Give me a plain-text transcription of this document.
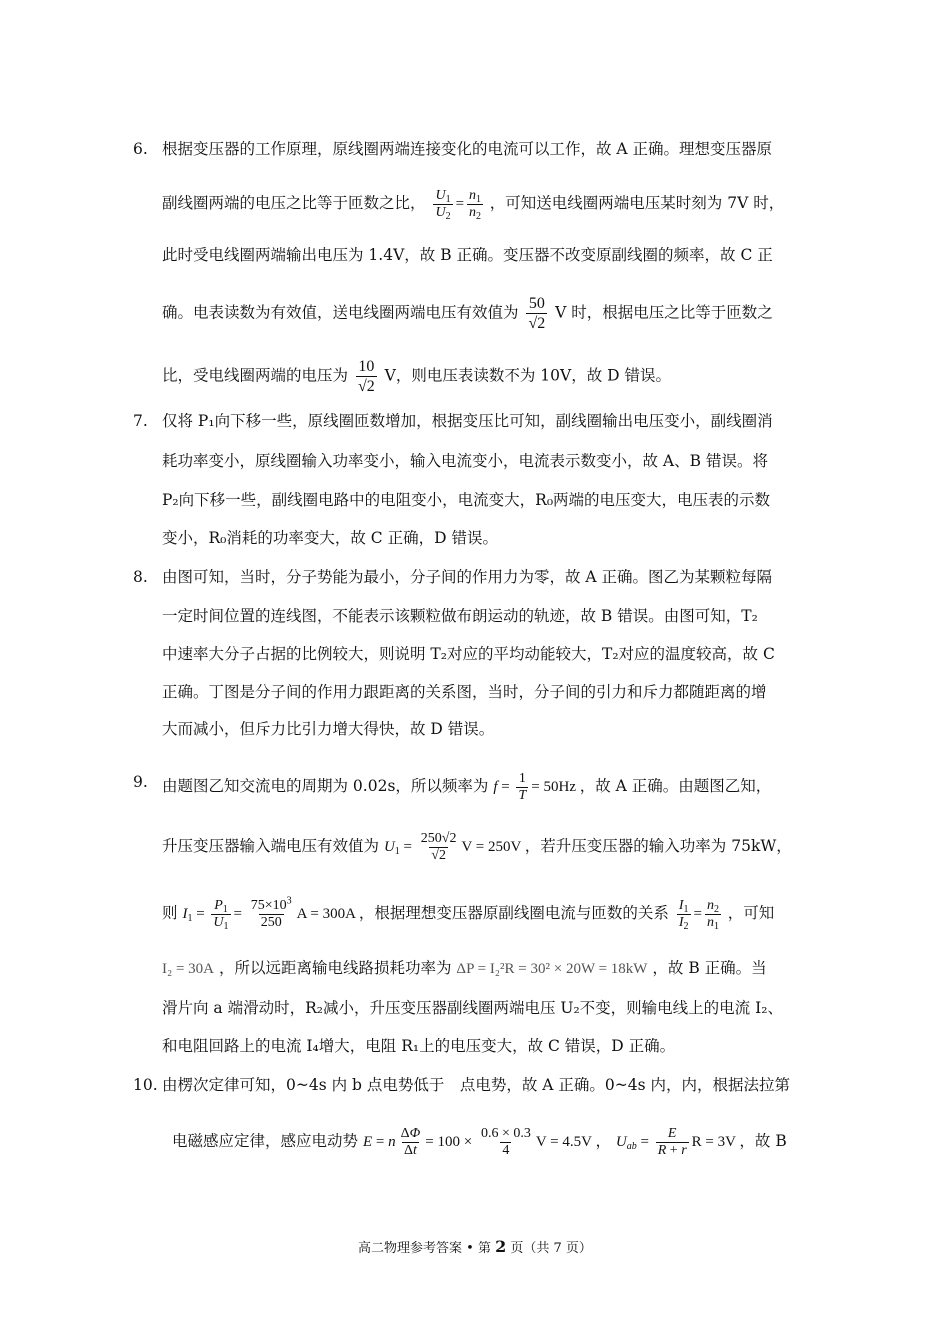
6. 根据变压器的工作原理，原线圈两端连接变化的电流可以工作，故 A 正确。理想变压器原
副线圈两端的电压之比等于匝数之比， $\frac{U_1}{U_2} = \frac{n_1}{n_2}$ ，可知送电线圈两端电压某时刻为 7V 时，
此时受电线圈两端输出电压为 1.4V，故 B 正确。变压器不改变原副线圈的频率，故 C 正
确。电表读数为有效值，送电线圈两端电压有效值为 $\frac{50}{√2}$ V 时，根据电压之比等于匝数之
比，受电线圈两端的电压为 $\frac{10}{√2}$ V，则电压表读数不为 10V，故 D 错误。
7. 仅将 P₁向下移一些，原线圈匝数增加，根据变压比可知，副线圈输出电压变小，副线圈消
耗功率变小，原线圈输入功率变小，输入电流变小，电流表示数变小，故 A、B 错误。将
P₂向下移一些，副线圈电路中的电阻变小，电流变大，R₀两端的电压变大，电压表的示数
变小，R₀消耗的功率变大，故 C 正确，D 错误。
8. 由图可知，当时，分子势能为最小，分子间的作用力为零，故 A 正确。图乙为某颗粒每隔
一定时间位置的连线图，不能表示该颗粒做布朗运动的轨迹，故 B 错误。由图可知，T₂
中速率大分子占据的比例较大，则说明 T₂对应的平均动能较大，T₂对应的温度较高，故 C
正确。丁图是分子间的作用力跟距离的关系图，当时，分子间的引力和斥力都随距离的增
大而减小，但斥力比引力增大得快，故 D 错误。
9. 由题图乙知交流电的周期为 0.02s，所以频率为 $f = \frac{1}{T} = 50Hz$ ，故 A 正确。由题图乙知，
升压变压器输入端电压有效值为 $U_1 = \frac{250√2}{√2}$ V = 250V ，若升压变压器的输入功率为 75kW，
则 $I_1 = \frac{P_1}{U_1} = \frac{75\times 10^3}{250}$ A = 300A ，根据理想变压器原副线圈电流与匝数的关系 $\frac{I_1}{I_2} = \frac{n_2}{n_1}$ ，可知
I₂ = 30A ，所以远距离输电线路损耗功率为 ΔP = I₂²R = 30² × 20W = 18kW ，故 B 正确。当
滑片向 a 端滑动时，R₂减小，升压变压器副线圈两端电压 U₂不变，则输电线上的电流 I₂、
和电阻回路上的电流 I₄增大，电阻 R₁上的电压变大，故 C 错误，D 正确。
10. 由楞次定律可知，0~4s 内 b 点电势低于　点电势，故 A 正确。0~4s 内，内，根据法拉第
电磁感应定律，感应电动势 E = n $\frac{\Delta\Phi}{\Delta t} = 100 \times \frac{0.6 \times 0.3}{4}$ V = 4.5V ， $U_{ab} = \frac{E}{R + r}$ R = 3V ，故 B
高二物理参考答案 • 第 2 页（共 7 页）
